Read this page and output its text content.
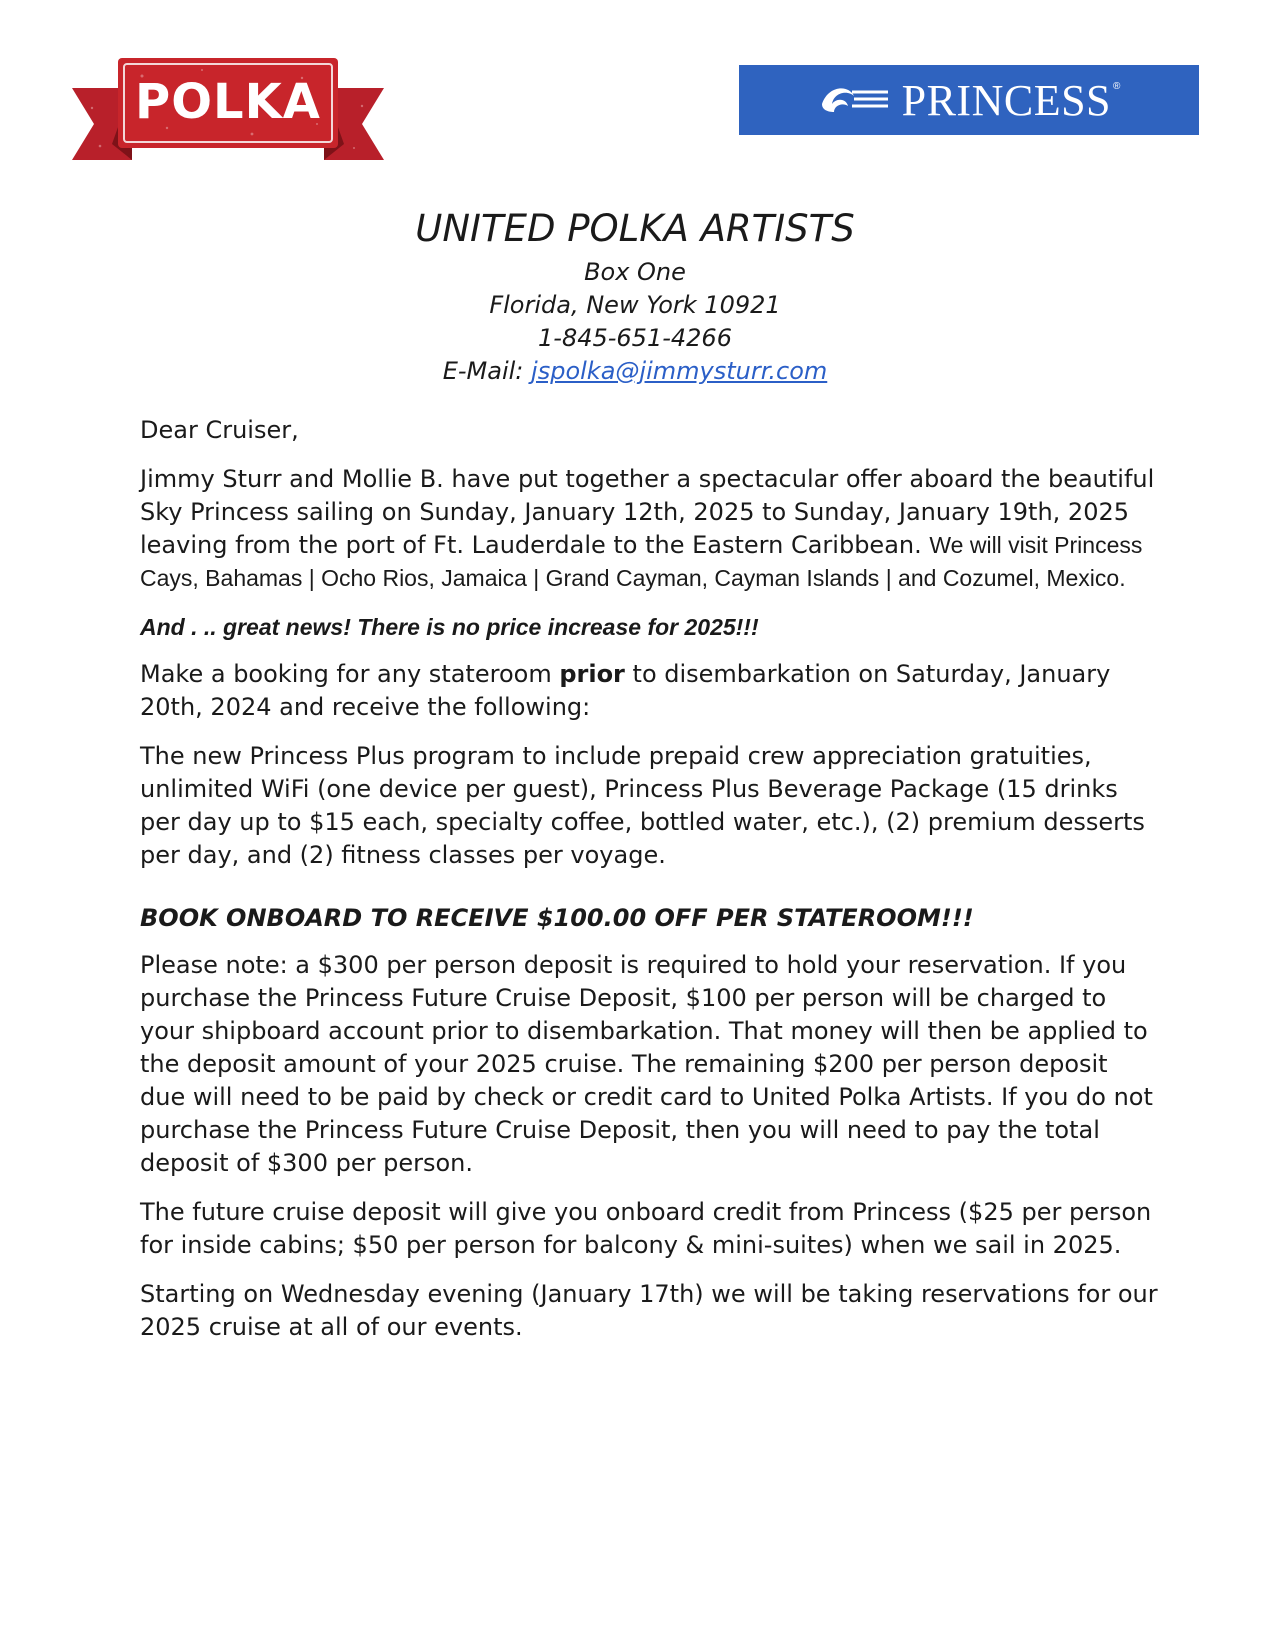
POLKA	PRINCESS ®
UNITED POLKA ARTISTS
Box One
Florida, New York 10921
1-845-651-4266
E-Mail: jspolka@jimmysturr.com

Dear Cruiser,

Jimmy Sturr and Mollie B. have put together a spectacular offer aboard the beautiful Sky Princess sailing on Sunday, January 12th, 2025 to Sunday, January 19th, 2025 leaving from the port of Ft. Lauderdale to the Eastern Caribbean. We will visit Princess Cays, Bahamas | Ocho Rios, Jamaica | Grand Cayman, Cayman Islands | and Cozumel, Mexico.

And . .. great news! There is no price increase for 2025!!!

Make a booking for any stateroom prior to disembarkation on Saturday, January 20th, 2024 and receive the following:

The new Princess Plus program to include prepaid crew appreciation gratuities, unlimited WiFi (one device per guest), Princess Plus Beverage Package (15 drinks per day up to $15 each, specialty coffee, bottled water, etc.), (2) premium desserts per day, and (2) fitness classes per voyage.

BOOK ONBOARD TO RECEIVE $100.00 OFF PER STATEROOM!!!

Please note: a $300 per person deposit is required to hold your reservation. If you purchase the Princess Future Cruise Deposit, $100 per person will be charged to your shipboard account prior to disembarkation. That money will then be applied to the deposit amount of your 2025 cruise. The remaining $200 per person deposit due will need to be paid by check or credit card to United Polka Artists. If you do not purchase the Princess Future Cruise Deposit, then you will need to pay the total deposit of $300 per person.

The future cruise deposit will give you onboard credit from Princess ($25 per person for inside cabins; $50 per person for balcony & mini-suites) when we sail in 2025.

Starting on Wednesday evening (January 17th) we will be taking reservations for our 2025 cruise at all of our events.
